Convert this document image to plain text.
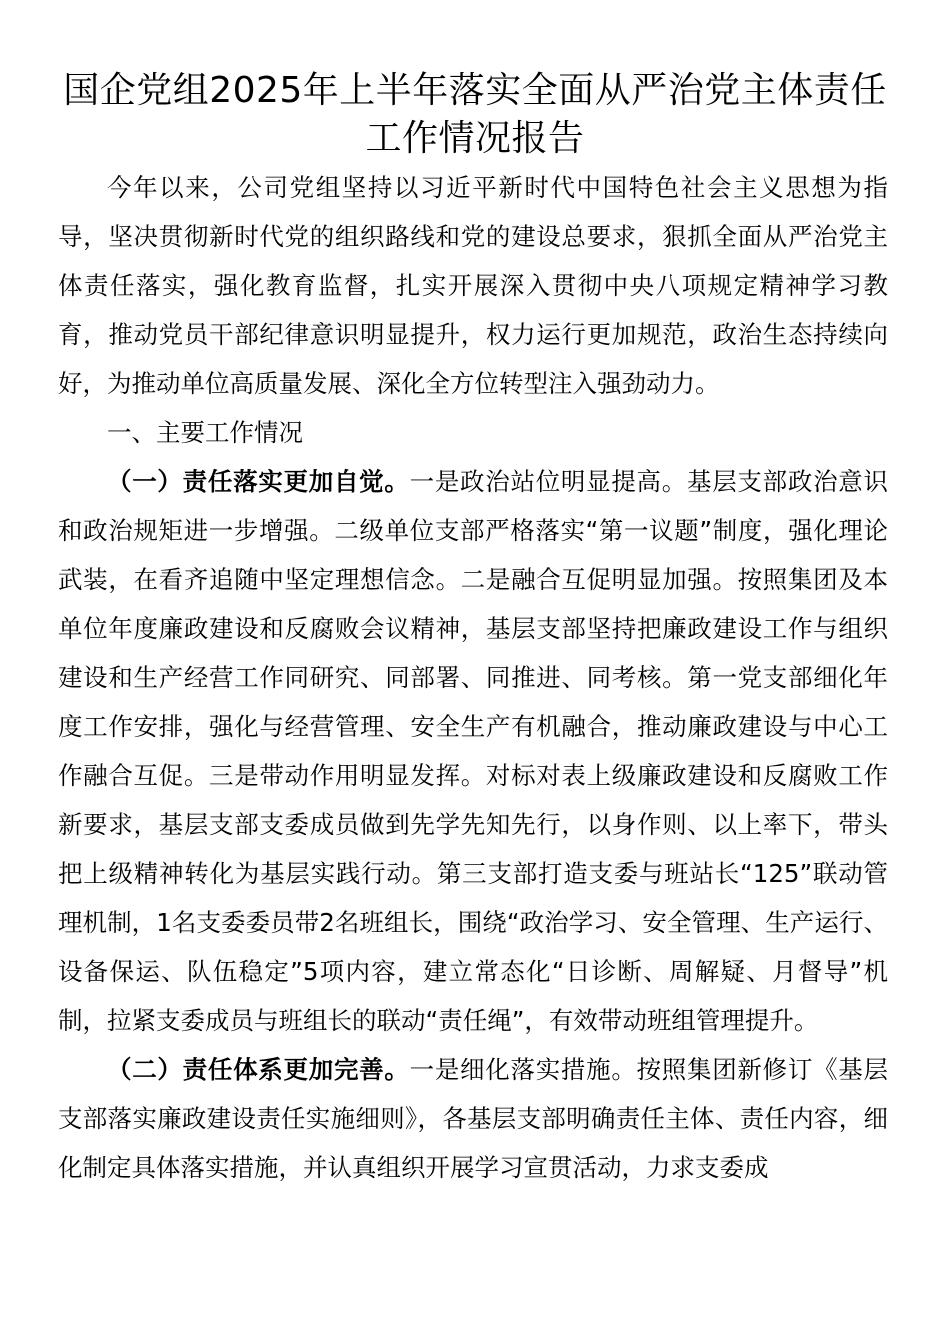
国企党组2025年上半年落实全面从严治党主体责任
工作情况报告

今年以来，公司党组坚持以习近平新时代中国特色社会主义思想为指导，坚决贯彻新时代党的组织路线和党的建设总要求，狠抓全面从严治党主体责任落实，强化教育监督，扎实开展深入贯彻中央八项规定精神学习教育，推动党员干部纪律意识明显提升，权力运行更加规范，政治生态持续向好，为推动单位高质量发展、深化全方位转型注入强劲动力。

一、主要工作情况

（一）责任落实更加自觉。一是政治站位明显提高。基层支部政治意识和政治规矩进一步增强。二级单位支部严格落实“第一议题”制度，强化理论武装，在看齐追随中坚定理想信念。二是融合互促明显加强。按照集团及本单位年度廉政建设和反腐败会议精神，基层支部坚持把廉政建设工作与组织建设和生产经营工作同研究、同部署、同推进、同考核。第一党支部细化年度工作安排，强化与经营管理、安全生产有机融合，推动廉政建设与中心工作融合互促。三是带动作用明显发挥。对标对表上级廉政建设和反腐败工作新要求，基层支部支委成员做到先学先知先行，以身作则、以上率下，带头把上级精神转化为基层实践行动。第三支部打造支委与班站长“125”联动管理机制，1名支委委员带2名班组长，围绕“政治学习、安全管理、生产运行、设备保运、队伍稳定”5项内容，建立常态化“日诊断、周解疑、月督导”机制，拉紧支委成员与班组长的联动“责任绳”，有效带动班组管理提升。

（二）责任体系更加完善。一是细化落实措施。按照集团新修订《基层支部落实廉政建设责任实施细则》，各基层支部明确责任主体、责任内容，细化制定具体落实措施，并认真组织开展学习宣贯活动，力求支委成
